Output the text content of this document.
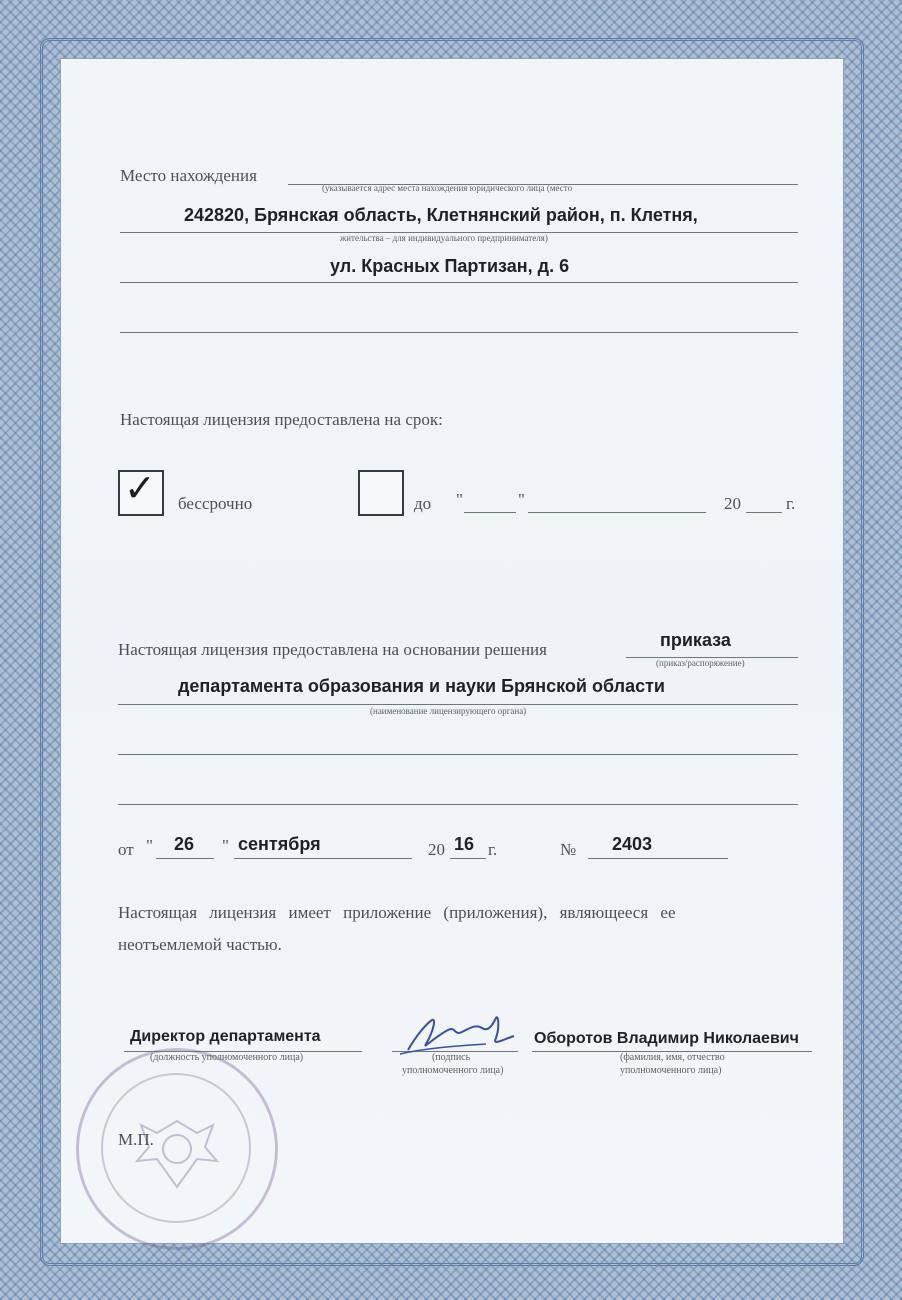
Место нахождения
(указывается адрес места нахождения юридического лица (место
242820, Брянская область, Клетнянский район, п. Клетня,
жительства – для индивидуального предпринимателя)
ул. Красных Партизан, д. 6
Настоящая лицензия предоставлена на срок:
✓ бессрочно	до "	"	20	г.
Настоящая лицензия предоставлена на основании решения	приказа
(приказ/распоряжение)
департамента образования и науки Брянской области
(наименование лицензирующего органа)
от " 26 " сентября	20 16 г.	№ 2403
Настоящая лицензия имеет приложение (приложения), являющееся ее
неотъемлемой частью.
Директор департамента
(должность уполномоченного лица)	(подпись
уполномоченного лица)
Оборотов Владимир Николаевич
(фамилия, имя, отчество
уполномоченного лица)
М.П.
